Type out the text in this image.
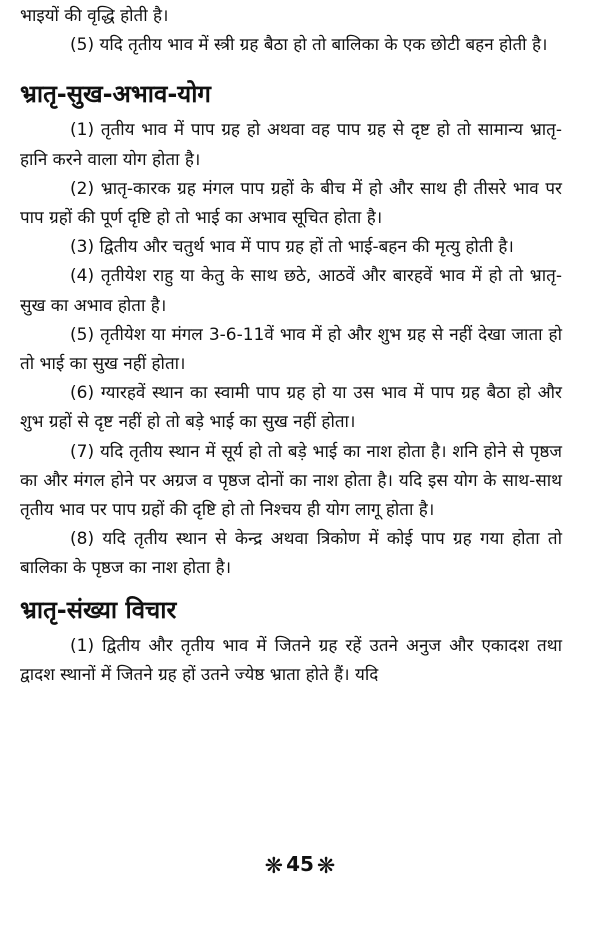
भाइयों की वृद्धि होती है।

(5) यदि तृतीय भाव में स्त्री ग्रह बैठा हो तो बालिका के एक छोटी बहन होती है।

भ्रातृ-सुख-अभाव-योग

(1) तृतीय भाव में पाप ग्रह हो अथवा वह पाप ग्रह से दृष्ट हो तो सामान्य भ्रातृ-हानि करने वाला योग होता है।

(2) भ्रातृ-कारक ग्रह मंगल पाप ग्रहों के बीच में हो और साथ ही तीसरे भाव पर पाप ग्रहों की पूर्ण दृष्टि हो तो भाई का अभाव सूचित होता है।

(3) द्वितीय और चतुर्थ भाव में पाप ग्रह हों तो भाई-बहन की मृत्यु होती है।

(4) तृतीयेश राहु या केतु के साथ छठे, आठवें और बारहवें भाव में हो तो भ्रातृ-सुख का अभाव होता है।

(5) तृतीयेश या मंगल 3-6-11वें भाव में हो और शुभ ग्रह से नहीं देखा जाता हो तो भाई का सुख नहीं होता।

(6) ग्यारहवें स्थान का स्वामी पाप ग्रह हो या उस भाव में पाप ग्रह बैठा हो और शुभ ग्रहों से दृष्ट नहीं हो तो बड़े भाई का सुख नहीं होता।

(7) यदि तृतीय स्थान में सूर्य हो तो बड़े भाई का नाश होता है। शनि होने से पृष्ठज का और मंगल होने पर अग्रज व पृष्ठज दोनों का नाश होता है। यदि इस योग के साथ-साथ तृतीय भाव पर पाप ग्रहों की दृष्टि हो तो निश्चय ही योग लागू होता है।

(8) यदि तृतीय स्थान से केन्द्र अथवा त्रिकोण में कोई पाप ग्रह गया होता तो बालिका के पृष्ठज का नाश होता है।

भ्रातृ-संख्या विचार

(1) द्वितीय और तृतीय भाव में जितने ग्रह रहें उतने अनुज और एकादश तथा द्वादश स्थानों में जितने ग्रह हों उतने ज्येष्ठ भ्राता होते हैं। यदि

❋ 45 ❋
